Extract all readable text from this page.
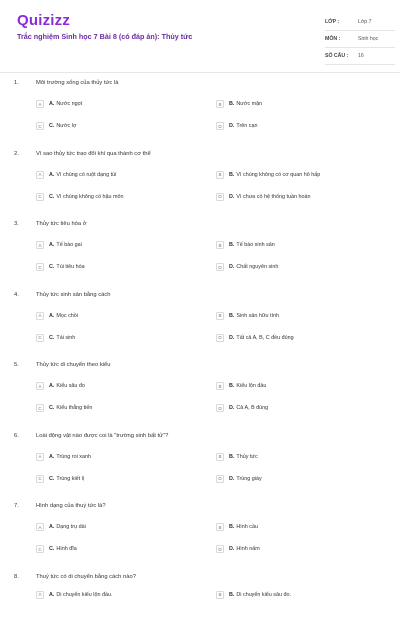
Quizizz
Trắc nghiệm Sinh học 7 Bài 8 (có đáp án): Thủy tức
LỚP :	Lớp 7
MÔN :	Sinh học
SỐ CÂU :	16
1.	Môi trường sống của thủy tức là
A	A. Nước ngọt	B	B. Nước mặn
C	C. Nước lợ	D	D. Trên cạn
2.	Vì sao thủy tức trao đổi khí qua thành cơ thể
A	A. Vì chúng có ruột dạng túi	B	B. Vì chúng không có cơ quan hô hấp
C	C. Vì chúng không có hậu môn	D	D. Vì chưa có hệ thống tuần hoàn
3.	Thủy tức tiêu hóa ở
A	A. Tế bào gai	B	B. Tế bào sinh sản
C	C. Túi tiêu hóa	D	D. Chất nguyên sinh
4.	Thủy tức sinh sản bằng cách
A	A. Mọc chồi	B	B. Sinh sản hữu tính
C	C. Tái sinh	D	D. Tất cả A, B, C đều đúng
5.	Thủy tức di chuyển theo kiểu
A	A. Kiểu sâu đo	B	B. Kiểu lộn đầu
C	C. Kiểu thẳng tiến	D	D. Cả A, B đúng
6.	Loài động vật nào được coi là "trường sinh bất tử"?
A	A. Trùng roi xanh	B	B. Thủy tức
C	C. Trùng kiết lị	D	D. Trùng giày
7.	Hình dạng của thuỷ tức là?
A	A. Dạng trụ dài	B	B. Hình cầu
C	C. Hình đĩa	D	D. Hình nấm
8.	Thuỷ tức có di chuyển bằng cách nào?
A	A. Di chuyển kiểu lộn đầu.	B	B. Di chuyển kiểu sâu đo.
